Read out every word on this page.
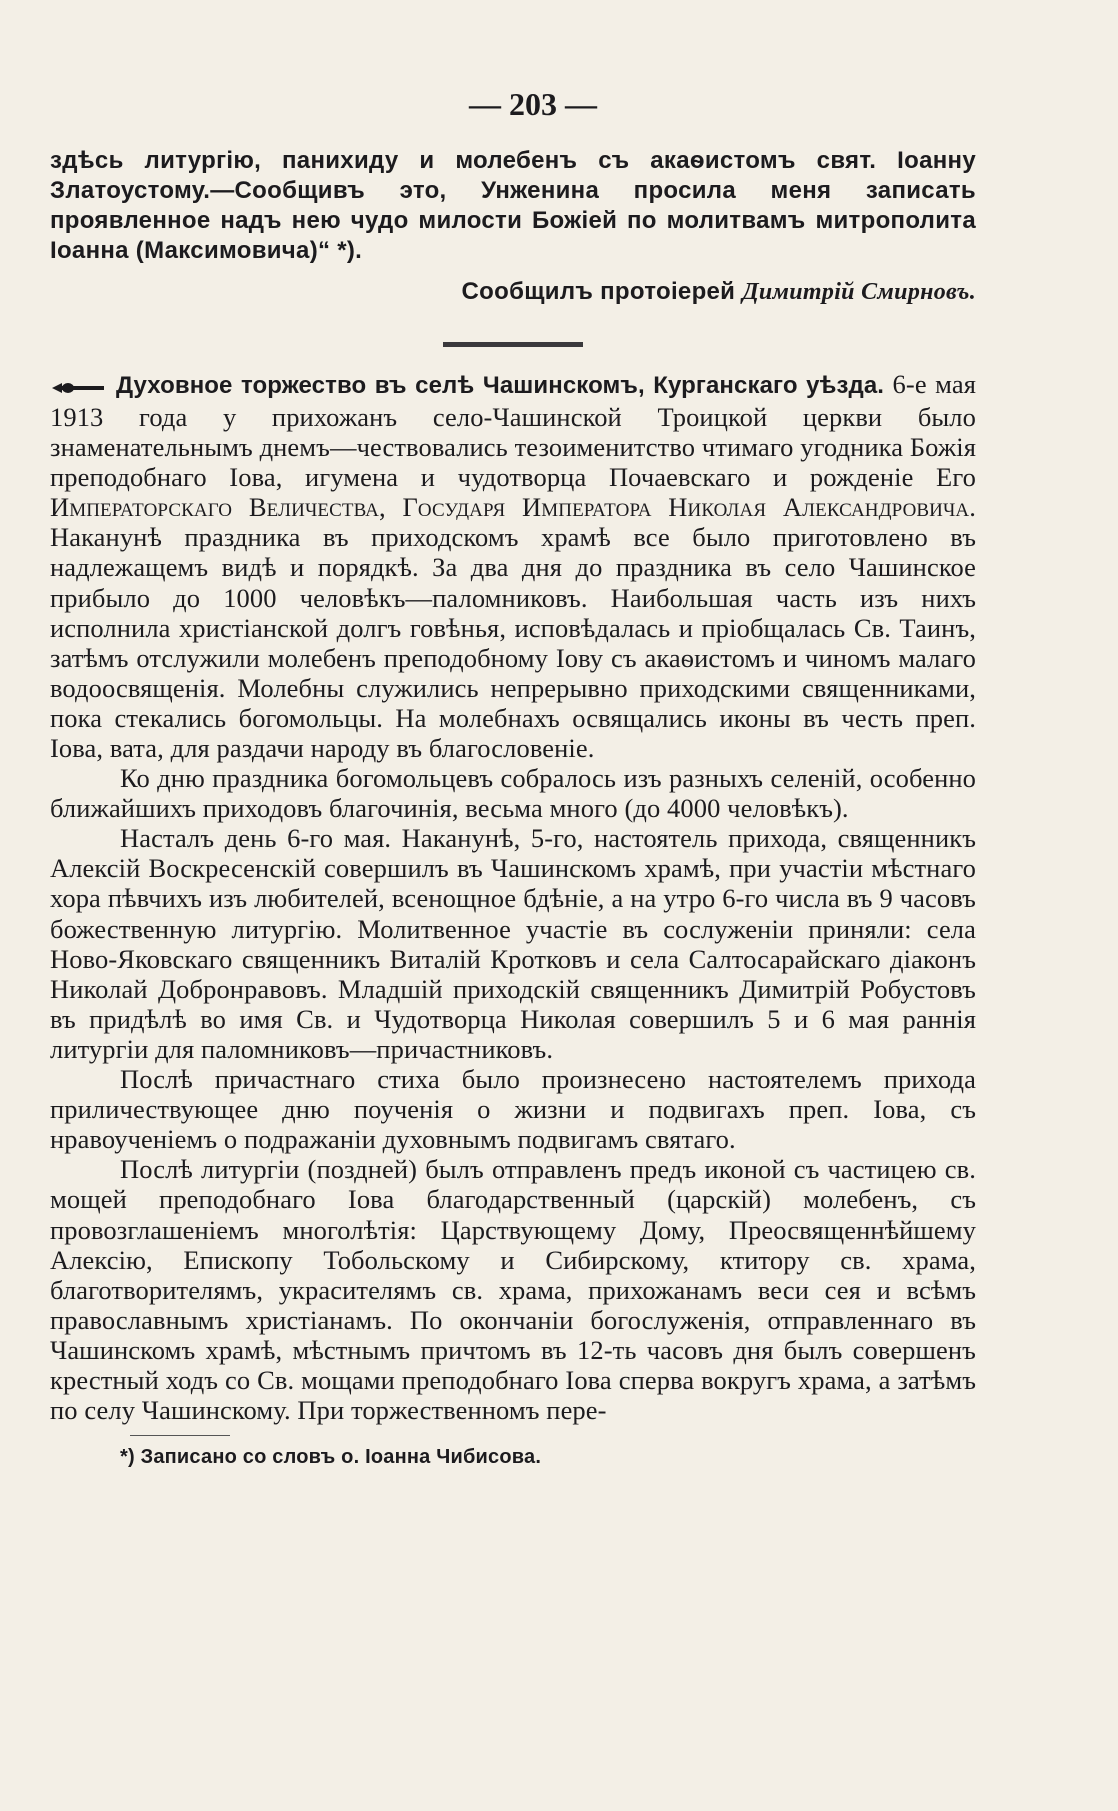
— 203 —

здѣсь литургію, панихиду и молебенъ съ акаѳистомъ свят. Іоанну Златоустому.—Сообщивъ это, Унженина просила меня записать проявленное надъ нею чудо милости Божіей по молитвамъ митрополита Іоанна (Максимовича)“ *).

Сообщилъ протоіерей Димитрій Смирновъ.

Духовное торжество въ селѣ Чашинскомъ, Курганскаго уѣзда. 6-е мая 1913 года у прихожанъ село-Чашинской Троицкой церкви было знаменательнымъ днемъ—чествовались тезоименитство чтимаго угодника Божія преподобнаго Іова, игумена и чудотворца Почаевскаго и рожденіе Его Императорскаго Величества, Государя Императора Николая Александровича. Наканунѣ праздника въ приходскомъ храмѣ все было приготовлено въ надлежащемъ видѣ и порядкѣ. За два дня до праздника въ село Чашинское прибыло до 1000 человѣкъ—паломниковъ. Наибольшая часть изъ нихъ исполнила христіанской долгъ говѣнья, исповѣдалась и пріобщалась Св. Таинъ, затѣмъ отслужили молебенъ преподобному Іову съ акаѳистомъ и чиномъ малаго водоосвященія. Молебны служились непрерывно приходскими священниками, пока стекались богомольцы. На молебнахъ освящались иконы въ честь преп. Іова, вата, для раздачи народу въ благословеніе.

Ко дню праздника богомольцевъ собралось изъ разныхъ селеній, особенно ближайшихъ приходовъ благочинія, весьма много (до 4000 человѣкъ).

Насталъ день 6-го мая. Наканунѣ, 5-го, настоятель прихода, священникъ Алексій Воскресенскій совершилъ въ Чашинскомъ храмѣ, при участіи мѣстнаго хора пѣвчихъ изъ любителей, всенощное бдѣніе, а на утро 6-го числа въ 9 часовъ божественную литургію. Молитвенное участіе въ сослуженіи приняли: села Ново-Яковскаго священникъ Виталій Кротковъ и села Салтосарайскаго діаконъ Николай Добронравовъ. Младшій приходскій священникъ Димитрій Робустовъ въ придѣлѣ во имя Св. и Чудотворца Николая совершилъ 5 и 6 мая раннія литургіи для паломниковъ—причастниковъ.

Послѣ причастнаго стиха было произнесено настоятелемъ прихода приличествующее дню поученія о жизни и подвигахъ преп. Іова, съ нравоученіемъ о подражаніи духовнымъ подвигамъ святаго.

Послѣ литургіи (поздней) былъ отправленъ предъ иконой съ частицею св. мощей преподобнаго Іова благодарственный (царскій) молебенъ, съ провозглашеніемъ многолѣтія: Царствующему Дому, Преосвященнѣйшему Алексію, Епископу Тобольскому и Сибирскому, ктитору св. храма, благотворителямъ, украсителямъ св. храма, прихожанамъ веси сея и всѣмъ православнымъ христіанамъ. По окончаніи богослуженія, отправленнаго въ Чашинскомъ храмѣ, мѣстнымъ причтомъ въ 12-ть часовъ дня былъ совершенъ крестный ходъ со Св. мощами преподобнаго Іова сперва вокругъ храма, а затѣмъ по селу Чашинскому. При торжественномъ пере-

*) Записано со словъ о. Іоанна Чибисова.
